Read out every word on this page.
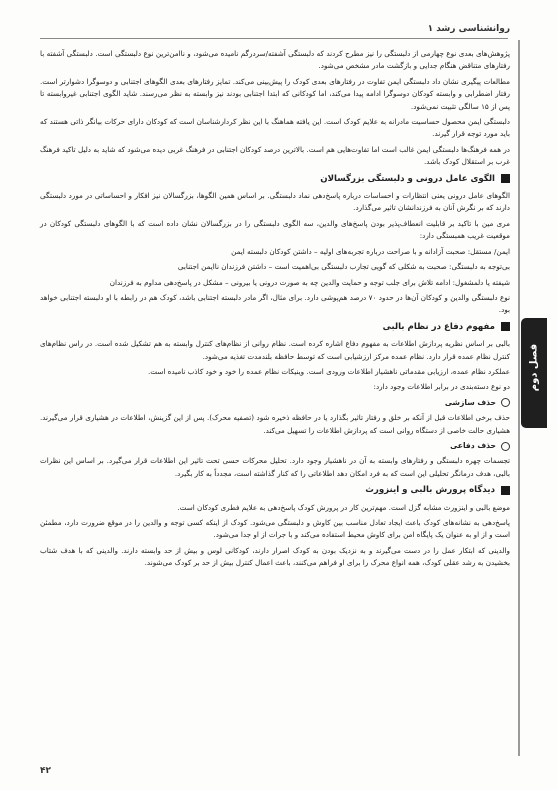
روانشناسی رشد ۱
فصل دوم

پژوهش‌های بعدی نوع چهارمی از دلبستگی را نیز مطرح کردند که دلبستگی آشفته/سردرگم نامیده می‌شود، و ناامن‌ترین نوع دلبستگی است. دلبستگی آشفته با رفتارهای متناقض هنگام جدایی و بازگشت مادر مشخص می‌شود.

مطالعات پیگیری نشان داد دلبستگی ایمن تفاوت در رفتارهای بعدی کودک را پیش‌بینی می‌کند. تمایز رفتارهای بعدی الگوهای اجتنابی و دوسوگرا دشوارتر است. رفتار اضطرابی و وابسته کودکان دوسوگرا ادامه پیدا می‌کند، اما کودکانی که ابتدا اجتنابی بودند نیز وابسته به نظر می‌رسند. شاید الگوی اجتنابی غیروابسته تا پس از ۱۵ سالگی تثبیت نمی‌شود.

دلبستگی ایمن محصول حساسیت مادرانه به علایم کودک است. این یافته هماهنگ با این نظر کردارشناسان است که کودکان دارای حرکات بیانگر ذاتی هستند که باید مورد توجه قرار گیرند.

در همه فرهنگ‌ها دلبستگی ایمن غالب است اما تفاوت‌هایی هم است. بالاترین درصد کودکان اجتنابی در فرهنگ غربی دیده می‌شود که شاید به دلیل تاکید فرهنگ غرب بر استقلال کودک باشد.

الگوی عامل درونی و دلبستگی بزرگسالان

الگوهای عامل درونی یعنی انتظارات و احساسات درباره پاسخ‌دهی نماد دلبستگی. بر اساس همین الگوها، بزرگسالان نیز افکار و احساساتی در مورد دلبستگی دارند که بر نگرش آنان به فرزندانشان تاثیر می‌گذارد.

مری مین با تاکید بر قابلیت انعطاف‌پذیر بودن پاسخ‌های والدین، سه الگوی دلبستگی را در بزرگسالان نشان داده است که با الگوهای دلبستگی کودکان در موقعیت غریب همبستگی دارد:

ایمن/ مستقل: صحبت آزادانه و با صراحت درباره تجربه‌های اولیه – داشتن کودکان دلبسته ایمن

بی‌توجه به دلبستگی: صحبت به شکلی که گویی تجارب دلبستگی بی‌اهمیت است – داشتن فرزندان ناایمن اجتنابی

شیفته یا دلمشغول: ادامه تلاش برای جلب توجه و حمایت والدین چه به صورت درونی یا بیرونی – مشکل در پاسخ‌دهی مداوم به فرزندان

نوع دلبستگی والدین و کودکان آن‌ها در حدود ۷۰ درصد هم‌پوشی دارد. برای مثال، اگر مادر دلبسته اجتنابی باشد، کودک هم در رابطه با او دلبسته اجتنابی خواهد بود.

مفهوم دفاع در نظام بالبی

بالبی بر اساس نظریه پردازش اطلاعات به مفهوم دفاع اشاره کرده است. نظام روانی از نظام‌های کنترل وابسته به هم تشکیل شده است. در راس نظام‌های کنترل نظام عمده قرار دارد. نظام عمده مرکز ارزشیابی است که توسط حافظه بلندمدت تغذیه می‌شود.

عملکرد نظام عمده، ارزیابی مقدماتی ناهشیار اطلاعات ورودی است. وینیکات نظام عمده را خود و خود کاذب نامیده است.

دو نوع دسته‌بندی در برابر اطلاعات وجود دارد:

حذف سازشی

حذف برخی اطلاعات قبل از آنکه بر خلق و رفتار تاثیر بگذارد یا در حافظه ذخیره شود (تصفیه محرک). پس از این گزینش، اطلاعات در هشیاری قرار می‌گیرند. هشیاری حالت خاصی از دستگاه روانی است که پردازش اطلاعات را تسهیل می‌کند.

حذف دفاعی

تجسمات چهره دلبستگی و رفتارهای وابسته به آن در ناهشیار وجود دارد. تحلیل محرکات حسی تحت تاثیر این اطلاعات قرار می‌گیرد. بر اساس این نظرات بالبی، هدف درمانگر تحلیلی این است که به فرد امکان دهد اطلاعاتی را که کنار گذاشته است، مجدداً به کار بگیرد.

دیدگاه پرورش بالبی و اینزورث

موضع بالبی و اینزورث مشابه گزل است. مهم‌ترین کار در پرورش کودک پاسخ‌دهی به علایم فطری کودکان است.

پاسخ‌دهی به نشانه‌های کودک باعث ایجاد تعادل مناسب بین کاوش و دلبستگی می‌شود. کودک از اینکه کسی توجه و والدین را در موقع ضرورت دارد، مطمئن است و از او به عنوان یک پایگاه امن برای کاوش محیط استفاده می‌کند و با جرات از او جدا می‌شود.

والدینی که ابتکار عمل را در دست می‌گیرند و به نزدیک بودن به کودک اصرار دارند، کودکانی لوس و بیش از حد وابسته دارند. والدینی که با هدف شتاب بخشیدن به رشد عقلی کودک، همه انواع محرک را برای او فراهم می‌کنند، باعث اعمال کنترل بیش از حد بر کودک می‌شوند.

۴۲
